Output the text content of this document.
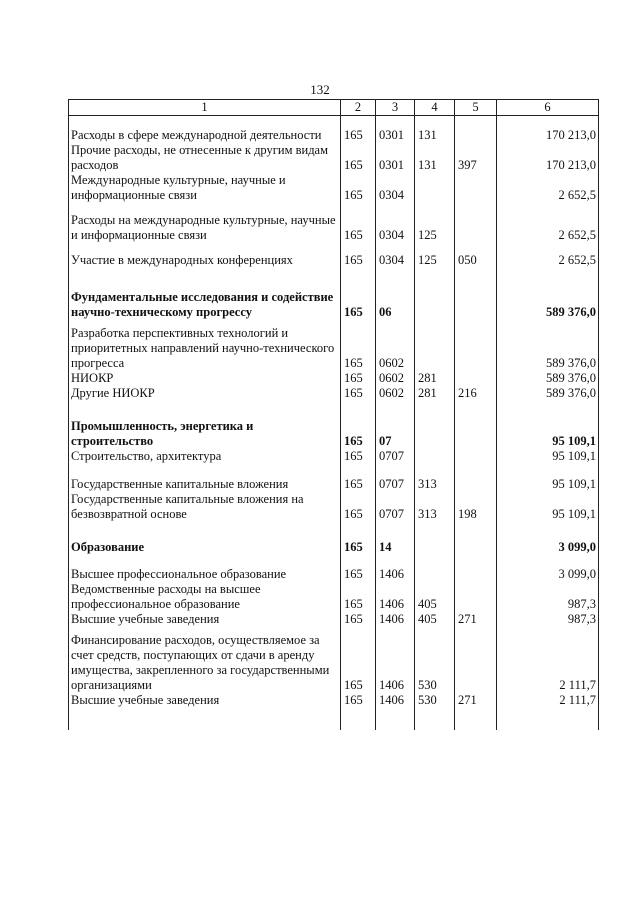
132
1	2	3	4	5	6
Расходы в сфере международной деятельности	165	0301	131		170 213,0
Прочие расходы, не отнесенные к другим видам расходов	165	0301	131	397	170 213,0
Международные культурные, научные и информационные связи	165	0304			2 652,5
Расходы на международные культурные, научные и информационные связи	165	0304	125		2 652,5
Участие в международных конференциях	165	0304	125	050	2 652,5
Фундаментальные исследования и содействие научно-техническому прогрессу	165	06			589 376,0
Разработка перспективных технологий и приоритетных направлений научно-технического прогресса	165	0602			589 376,0
НИОКР	165	0602	281		589 376,0
Другие НИОКР	165	0602	281	216	589 376,0
Промышленность, энергетика и строительство	165	07			95 109,1
Строительство, архитектура	165	0707			95 109,1
Государственные капитальные вложения	165	0707	313		95 109,1
Государственные капитальные вложения на безвозвратной основе	165	0707	313	198	95 109,1
Образование	165	14			3 099,0
Высшее профессиональное образование	165	1406			3 099,0
Ведомственные расходы на высшее профессиональное образование	165	1406	405		987,3
Высшие учебные заведения	165	1406	405	271	987,3
Финансирование расходов, осуществляемое за счет средств, поступающих от сдачи в аренду имущества, закрепленного за государственными организациями	165	1406	530		2 111,7
Высшие учебные заведения	165	1406	530	271	2 111,7
